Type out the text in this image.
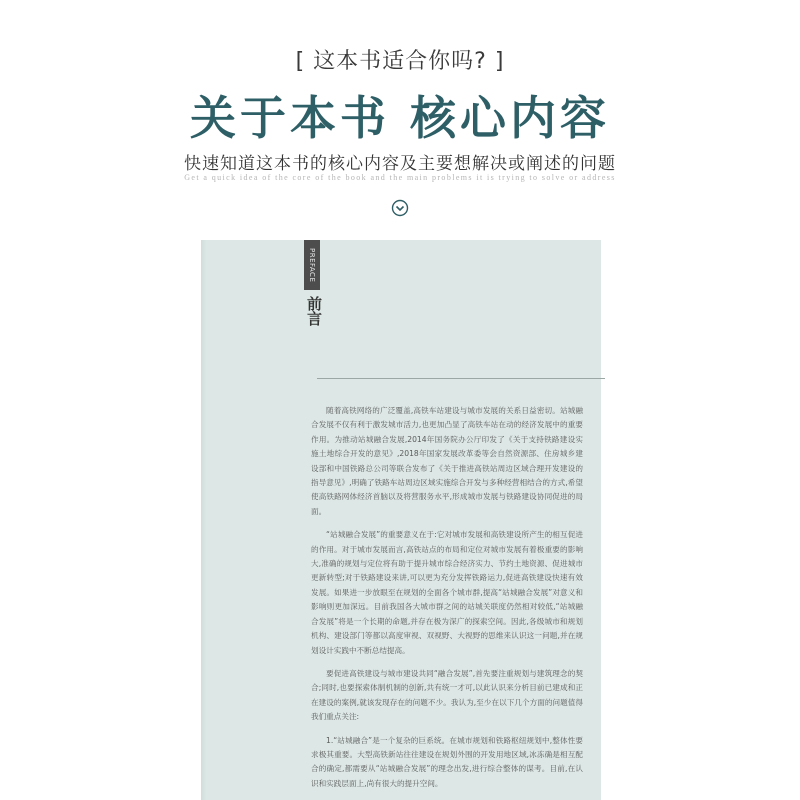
[ 这本书适合你吗? ]
关于本书 核心内容
快速知道这本书的核心内容及主要想解决或阐述的问题
Get a quick idea of the core of the book and the main problems it is trying to solve or address
PREFACE
前言

随着高铁网络的广泛覆盖,高铁车站建设与城市发展的关系日益密切。站城融合发展不仅有利于激发城市活力,也更加凸显了高铁车站在动的经济发展中的重要作用。为推动站城融合发展,2014年国务院办公厅印发了《关于支持铁路建设实施土地综合开发的意见》,2018年国家发展改革委等会自然资源部、住房城乡建设部和中国铁路总公司等联合发布了《关于推进高铁站周边区域合理开发建设的指导意见》,明确了铁路车站周边区域实施综合开发与多种经营相结合的方式,希望使高铁路网体经济首脑以及将营服务水平,形成城市发展与铁路建设协同促进的局面。

“站城融合发展”的重要意义在于:它对城市发展和高铁建设所产生的相互促进的作用。对于城市发展而言,高铁站点的布局和定位对城市发展有着极重要的影响大,准确的规划与定位将有助于提升城市综合经济实力、节约土地资源、促进城市更新转型;对于铁路建设来讲,可以更为充分发挥铁路运力,促进高铁建设快速有效发展。如果进一步放眼至在规划的全面各个城市群,提高“站城融合发展”对意义和影响则更加深远。目前我国各大城市群之间的站城关联度仍然相对较低,“站城融合发展”将是一个长期的命题,并存在极为深广的探索空间。因此,各级城市和规划机构、建设部门等都以高度审视、双视野、大视野的思维来认识这一问题,并在规划设计实践中不断总结提高。

要促进高铁建设与城市建设共同“融合发展”,首先要注重规划与建筑理念的契合;同时,也要探索体制机制的创新,共有统一才可,以此认识来分析目前已建成和正在建设的案例,就该发现存在的问题不少。我认为,至少在以下几个方面的问题值得我们重点关注:

1.“站城融合”是一个复杂的巨系统。在城市规划和铁路枢纽规划中,整体性要求极其重要。大型高铁新站往往建设在规划外围的开发用地区域,冰冻确是相互配合的确定,都需要从“站城融合发展”的理念出发,进行综合整体的谋考。目前,在认识和实践层面上,尚有很大的提升空间。
